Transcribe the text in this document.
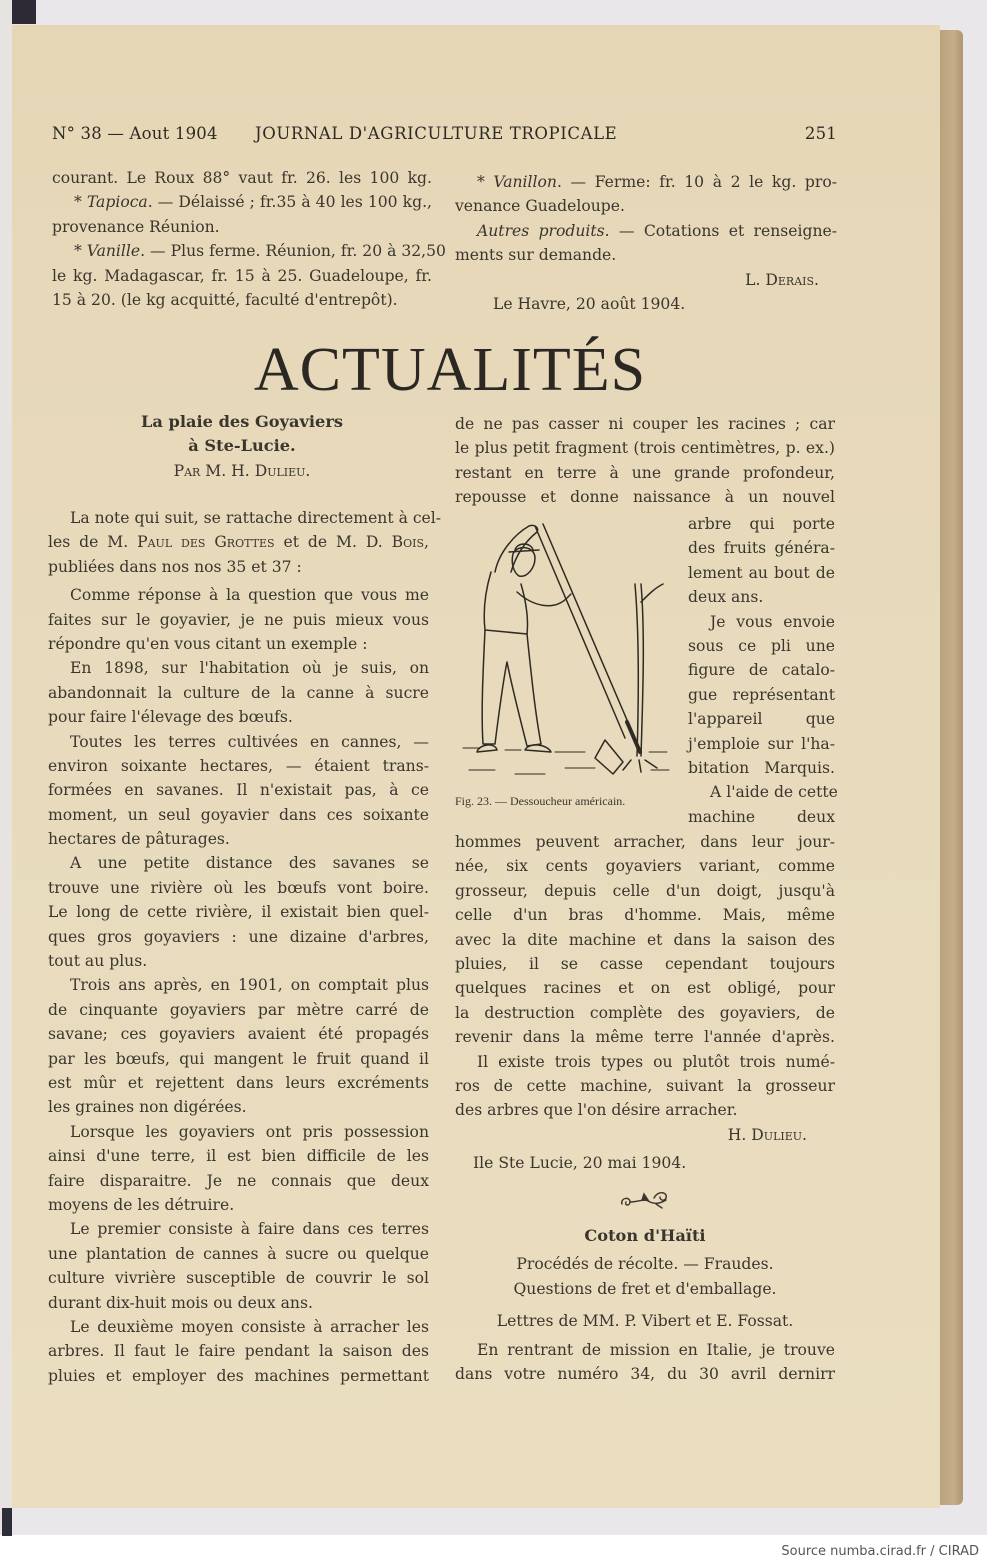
N° 38 — Aout 1904 JOURNAL D'AGRICULTURE TROPICALE	251
courant. Le Roux 88° vaut fr. 26. les 100 kg.
* Tapioca. — Délaissé ; fr.35 à 40 les 100 kg.,
provenance Réunion.
* Vanille. — Plus ferme. Réunion, fr. 20 à 32,50
le kg. Madagascar, fr. 15 à 25. Guadeloupe, fr.
15 à 20. (le kg acquitté, faculté d'entrepôt).
* Vanillon. — Ferme: fr. 10 à 2 le kg. pro-
venance Guadeloupe.
Autres produits. — Cotations et renseigne-
ments sur demande.
L. Derais.
Le Havre, 20 août 1904.
ACTUALITÉS
La plaie des Goyaviers
à Ste-Lucie.
Par M. H. Dulieu.
La note qui suit, se rattache directement à cel-
les de M. Paul des Grottes et de M. D. Bois,
publiées dans nos nos 35 et 37 :
Comme réponse à la question que vous me
faites sur le goyavier, je ne puis mieux vous
répondre qu'en vous citant un exemple :
En 1898, sur l'habitation où je suis, on
abandonnait la culture de la canne à sucre
pour faire l'élevage des bœufs.
Toutes les terres cultivées en cannes, —
environ soixante hectares, — étaient trans-
formées en savanes. Il n'existait pas, à ce
moment, un seul goyavier dans ces soixante
hectares de pâturages.
A une petite distance des savanes se
trouve une rivière où les bœufs vont boire.
Le long de cette rivière, il existait bien quel-
ques gros goyaviers : une dizaine d'arbres,
tout au plus.
Trois ans après, en 1901, on comptait plus
de cinquante goyaviers par mètre carré de
savane; ces goyaviers avaient été propagés
par les bœufs, qui mangent le fruit quand il
est mûr et rejettent dans leurs excréments
les graines non digérées.
Lorsque les goyaviers ont pris possession
ainsi d'une terre, il est bien difficile de les
faire disparaitre. Je ne connais que deux
moyens de les détruire.
Le premier consiste à faire dans ces terres
une plantation de cannes à sucre ou quelque
culture vivrière susceptible de couvrir le sol
durant dix-huit mois ou deux ans.
Le deuxième moyen consiste à arracher les
arbres. Il faut le faire pendant la saison des
pluies et employer des machines permettant
de ne pas casser ni couper les racines ; car
le plus petit fragment (trois centimètres, p. ex.)
restant en terre à une grande profondeur,
repousse et donne naissance à un nouvel
Fig. 23. — Dessoucheur américain.
arbre qui porte
des fruits généra-
lement au bout de
deux ans.
Je vous envoie
sous ce pli une
figure de catalo-
gue représentant
l'appareil que
j'emploie sur l'ha-
bitation Marquis.
A l'aide de cette
machine deux
hommes peuvent arracher, dans leur jour-
née, six cents goyaviers variant, comme
grosseur, depuis celle d'un doigt, jusqu'à
celle d'un bras d'homme. Mais, même
avec la dite machine et dans la saison des
pluies, il se casse cependant toujours
quelques racines et on est obligé, pour
la destruction complète des goyaviers, de
revenir dans la même terre l'année d'après.
Il existe trois types ou plutôt trois numé-
ros de cette machine, suivant la grosseur
des arbres que l'on désire arracher.
H. Dulieu.
Ile Ste Lucie, 20 mai 1904.
Coton d'Haïti
Procédés de récolte. — Fraudes.
Questions de fret et d'emballage.
Lettres de MM. P. Vibert et E. Fossat.
En rentrant de mission en Italie, je trouve
dans votre numéro 34, du 30 avril dernirr
Source numba.cirad.fr / CIRAD
